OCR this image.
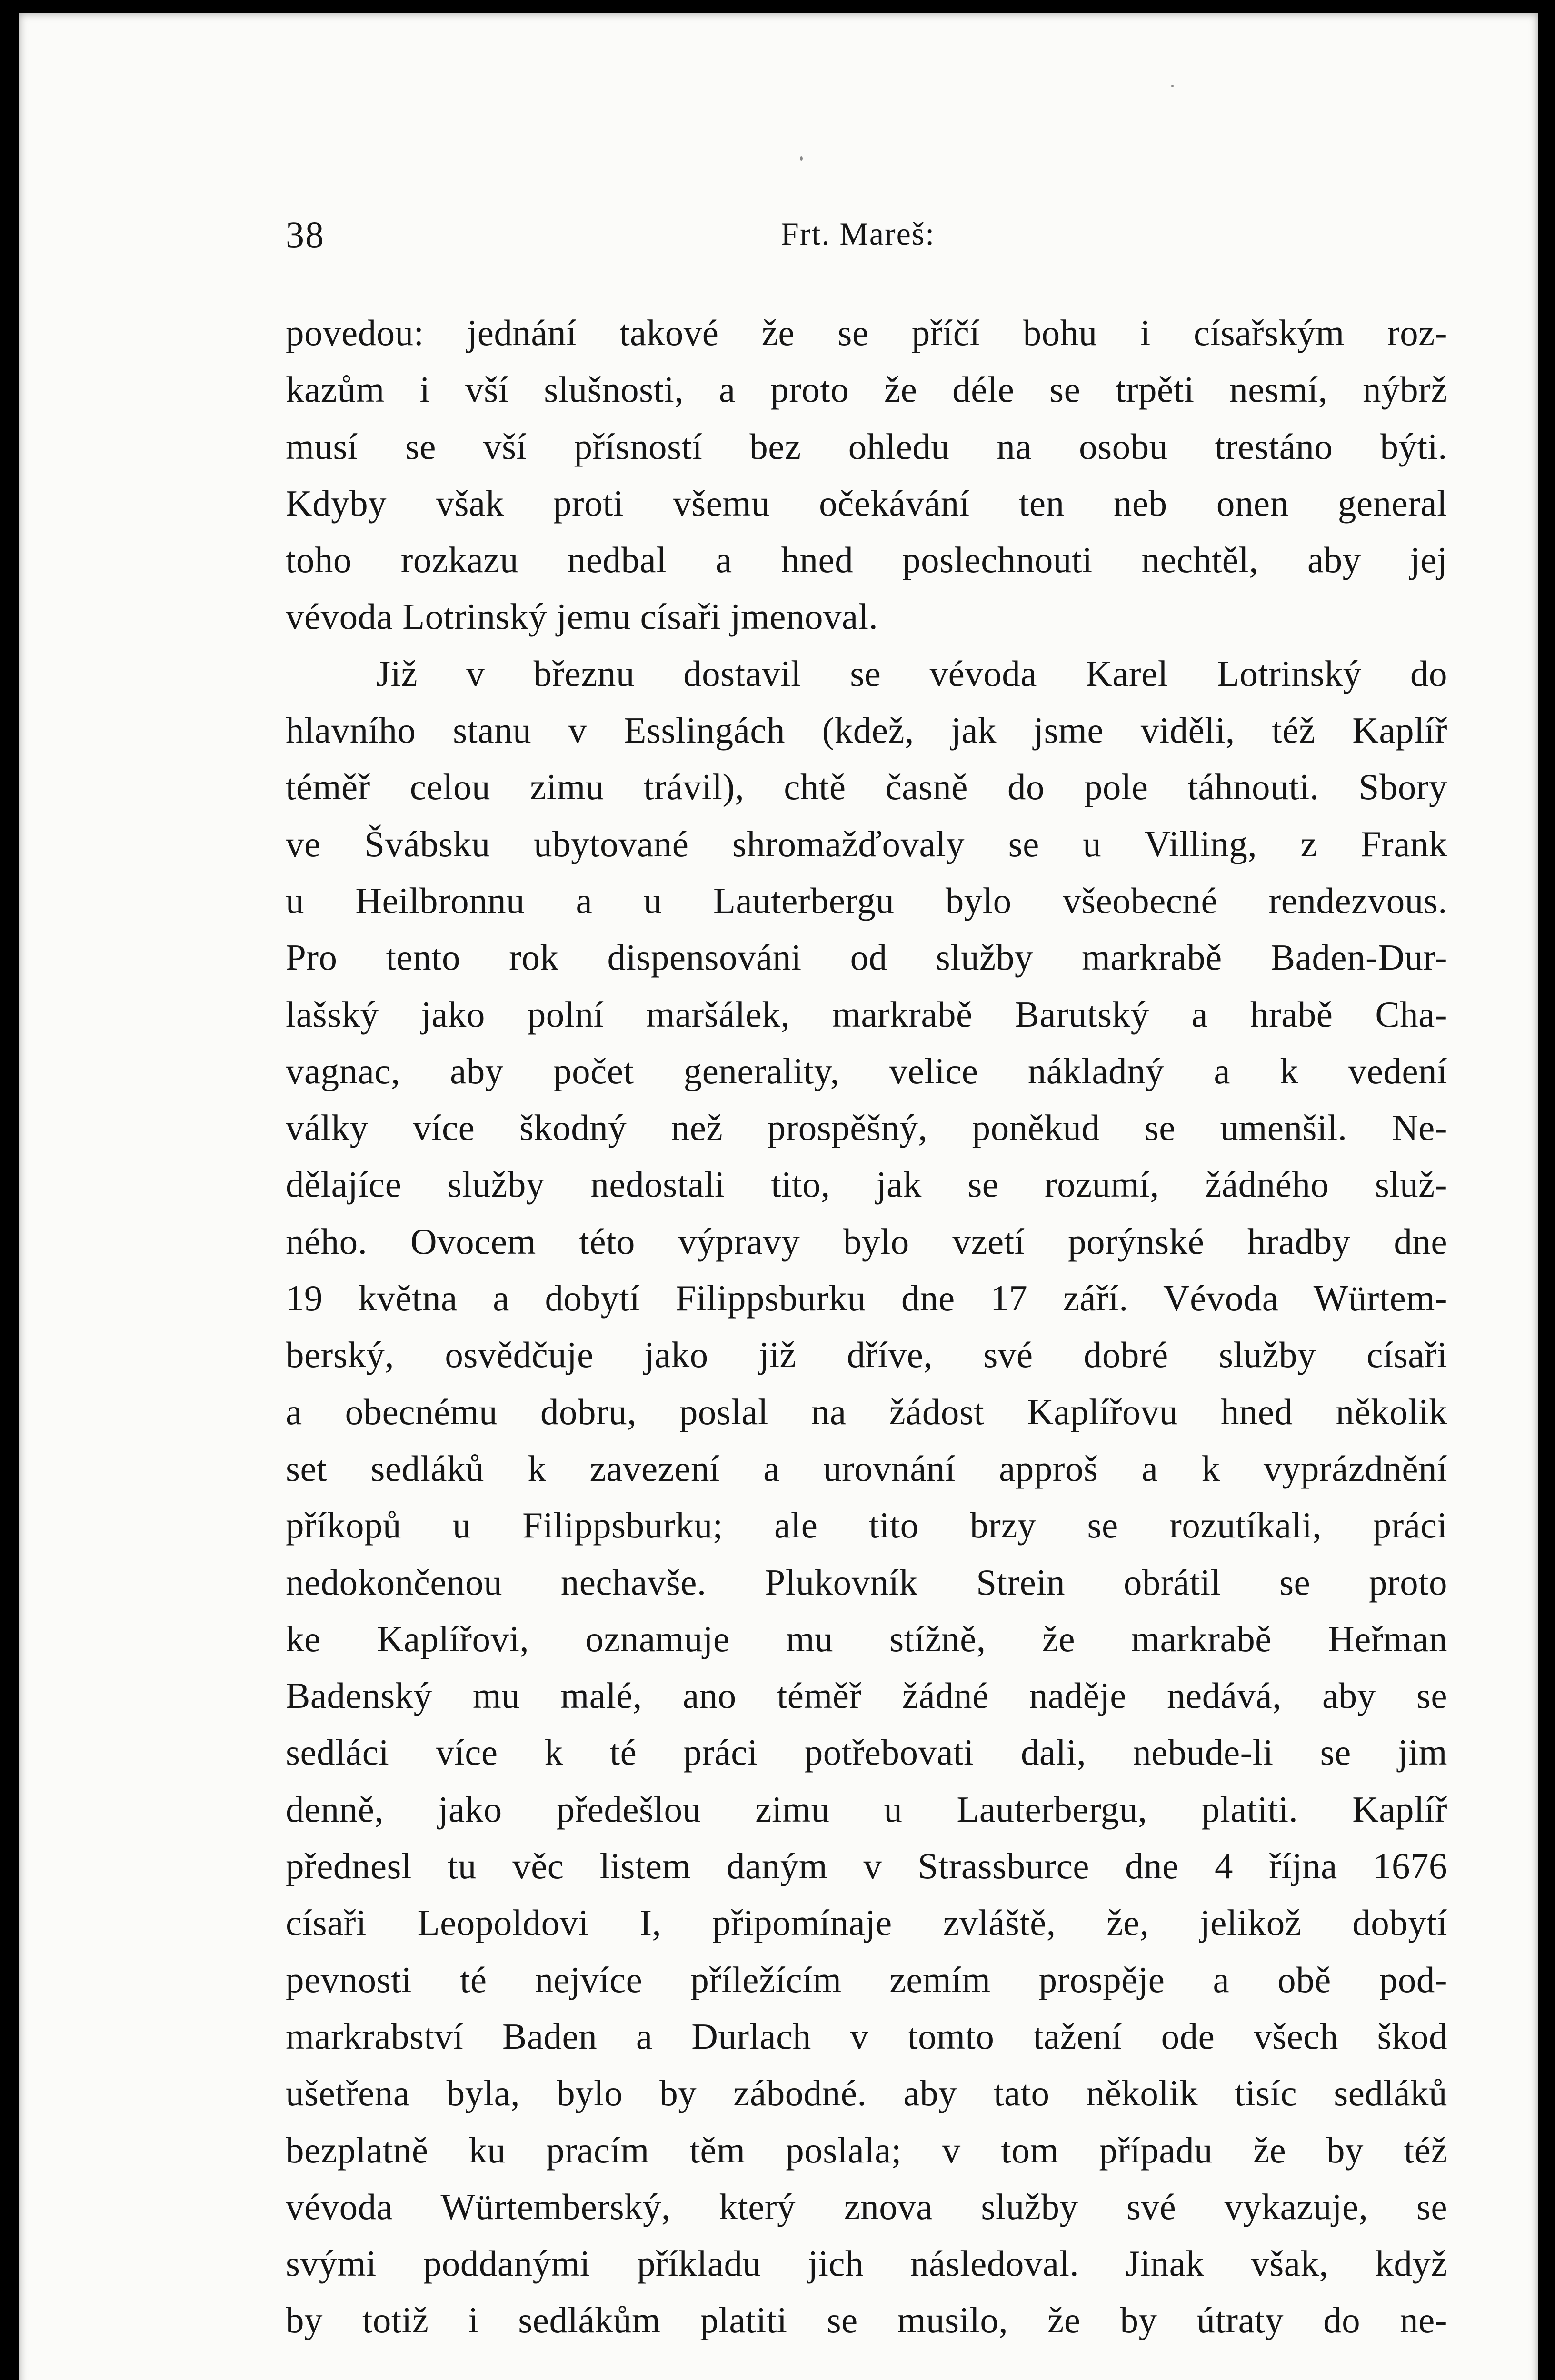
38	Frt. Mareš:
povedou: jednání takové že se příčí bohu i císařským roz-
kazům i vší slušnosti, a proto že déle se trpěti nesmí, nýbrž
musí se vší přísností bez ohledu na osobu trestáno býti.
Kdyby však proti všemu očekávání ten neb onen general
toho rozkazu nedbal a hned poslechnouti nechtěl, aby jej
vévoda Lotrinský jemu císaři jmenoval.
Již v březnu dostavil se vévoda Karel Lotrinský do
hlavního stanu v Esslingách (kdež, jak jsme viděli, též Kaplíř
téměř celou zimu trávil), chtě časně do pole táhnouti. Sbory
ve Švábsku ubytované shromažďovaly se u Villing, z Frank
u Heilbronnu a u Lauterbergu bylo všeobecné rendezvous.
Pro tento rok dispensováni od služby markrabě Baden-Dur-
lašský jako polní maršálek, markrabě Barutský a hrabě Cha-
vagnac, aby počet generality, velice nákladný a k vedení
války více škodný než prospěšný, poněkud se umenšil. Ne-
dělajíce služby nedostali tito, jak se rozumí, žádného služ-
ného. Ovocem této výpravy bylo vzetí porýnské hradby dne
19 května a dobytí Filippsburku dne 17 září. Vévoda Würtem-
berský, osvědčuje jako již dříve, své dobré služby císaři
a obecnému dobru, poslal na žádost Kaplířovu hned několik
set sedláků k zavezení a urovnání approš a k vyprázdnění
příkopů u Filippsburku; ale tito brzy se rozutíkali, práci
nedokončenou nechavše. Plukovník Strein obrátil se proto
ke Kaplířovi, oznamuje mu stížně, že markrabě Heřman
Badenský mu malé, ano téměř žádné naděje nedává, aby se
sedláci více k té práci potřebovati dali, nebude-li se jim
denně, jako předešlou zimu u Lauterbergu, platiti. Kaplíř
přednesl tu věc listem daným v Strassburce dne 4 října 1676
císaři Leopoldovi I, připomínaje zvláště, že, jelikož dobytí
pevnosti té nejvíce příležícím zemím prospěje a obě pod-
markrabství Baden a Durlach v tomto tažení ode všech škod
ušetřena byla, bylo by zábodné. aby tato několik tisíc sedláků
bezplatně ku pracím těm poslala; v tom případu že by též
vévoda Würtemberský, který znova služby své vykazuje, se
svými poddanými příkladu jich následoval. Jinak však, když
by totiž i sedlákům platiti se musilo, že by útraty do ne-
